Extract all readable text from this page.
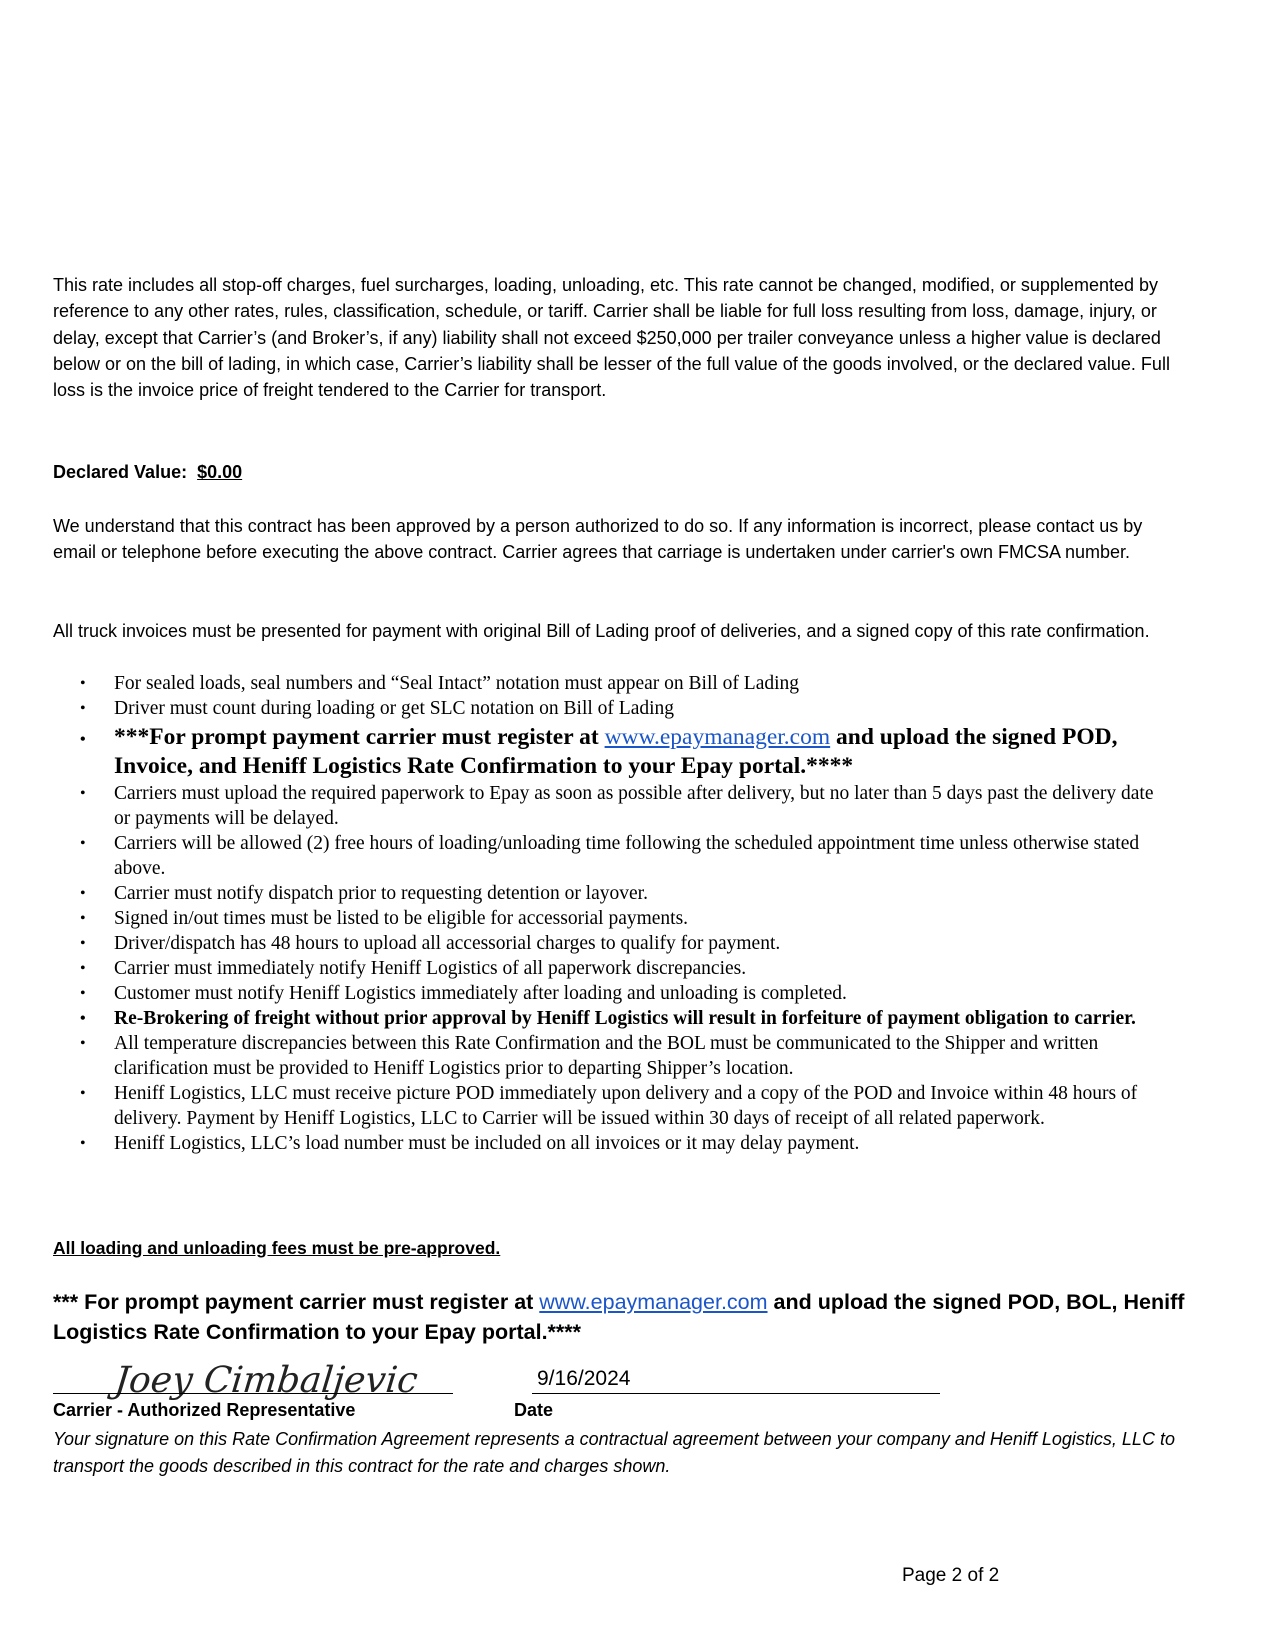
This rate includes all stop-off charges, fuel surcharges, loading, unloading, etc. This rate cannot be changed, modified, or supplemented by reference to any other rates, rules, classification, schedule, or tariff. Carrier shall be liable for full loss resulting from loss, damage, injury, or delay, except that Carrier’s (and Broker’s, if any) liability shall not exceed $250,000 per trailer conveyance unless a higher value is declared below or on the bill of lading, in which case, Carrier’s liability shall be lesser of the full value of the goods involved, or the declared value. Full loss is the invoice price of freight tendered to the Carrier for transport.
Declared Value: $0.00
We understand that this contract has been approved by a person authorized to do so. If any information is incorrect, please contact us by email or telephone before executing the above contract. Carrier agrees that carriage is undertaken under carrier's own FMCSA number.
All truck invoices must be presented for payment with original Bill of Lading proof of deliveries, and a signed copy of this rate confirmation.
• For sealed loads, seal numbers and “Seal Intact” notation must appear on Bill of Lading
• Driver must count during loading or get SLC notation on Bill of Lading
• ***For prompt payment carrier must register at www.epaymanager.com and upload the signed POD, Invoice, and Heniff Logistics Rate Confirmation to your Epay portal.****
• Carriers must upload the required paperwork to Epay as soon as possible after delivery, but no later than 5 days past the delivery date or payments will be delayed.
• Carriers will be allowed (2) free hours of loading/unloading time following the scheduled appointment time unless otherwise stated above.
• Carrier must notify dispatch prior to requesting detention or layover.
• Signed in/out times must be listed to be eligible for accessorial payments.
• Driver/dispatch has 48 hours to upload all accessorial charges to qualify for payment.
• Carrier must immediately notify Heniff Logistics of all paperwork discrepancies.
• Customer must notify Heniff Logistics immediately after loading and unloading is completed.
• Re-Brokering of freight without prior approval by Heniff Logistics will result in forfeiture of payment obligation to carrier.
• All temperature discrepancies between this Rate Confirmation and the BOL must be communicated to the Shipper and written clarification must be provided to Heniff Logistics prior to departing Shipper’s location.
• Heniff Logistics, LLC must receive picture POD immediately upon delivery and a copy of the POD and Invoice within 48 hours of delivery. Payment by Heniff Logistics, LLC to Carrier will be issued within 30 days of receipt of all related paperwork.
• Heniff Logistics, LLC’s load number must be included on all invoices or it may delay payment.
All loading and unloading fees must be pre-approved.
*** For prompt payment carrier must register at www.epaymanager.com and upload the signed POD, BOL, Heniff Logistics Rate Confirmation to your Epay portal.****
Joey Cimbaljevic	9/16/2024
Carrier - Authorized Representative	Date
Your signature on this Rate Confirmation Agreement represents a contractual agreement between your company and Heniff Logistics, LLC to transport the goods described in this contract for the rate and charges shown.
Page 2 of 2
